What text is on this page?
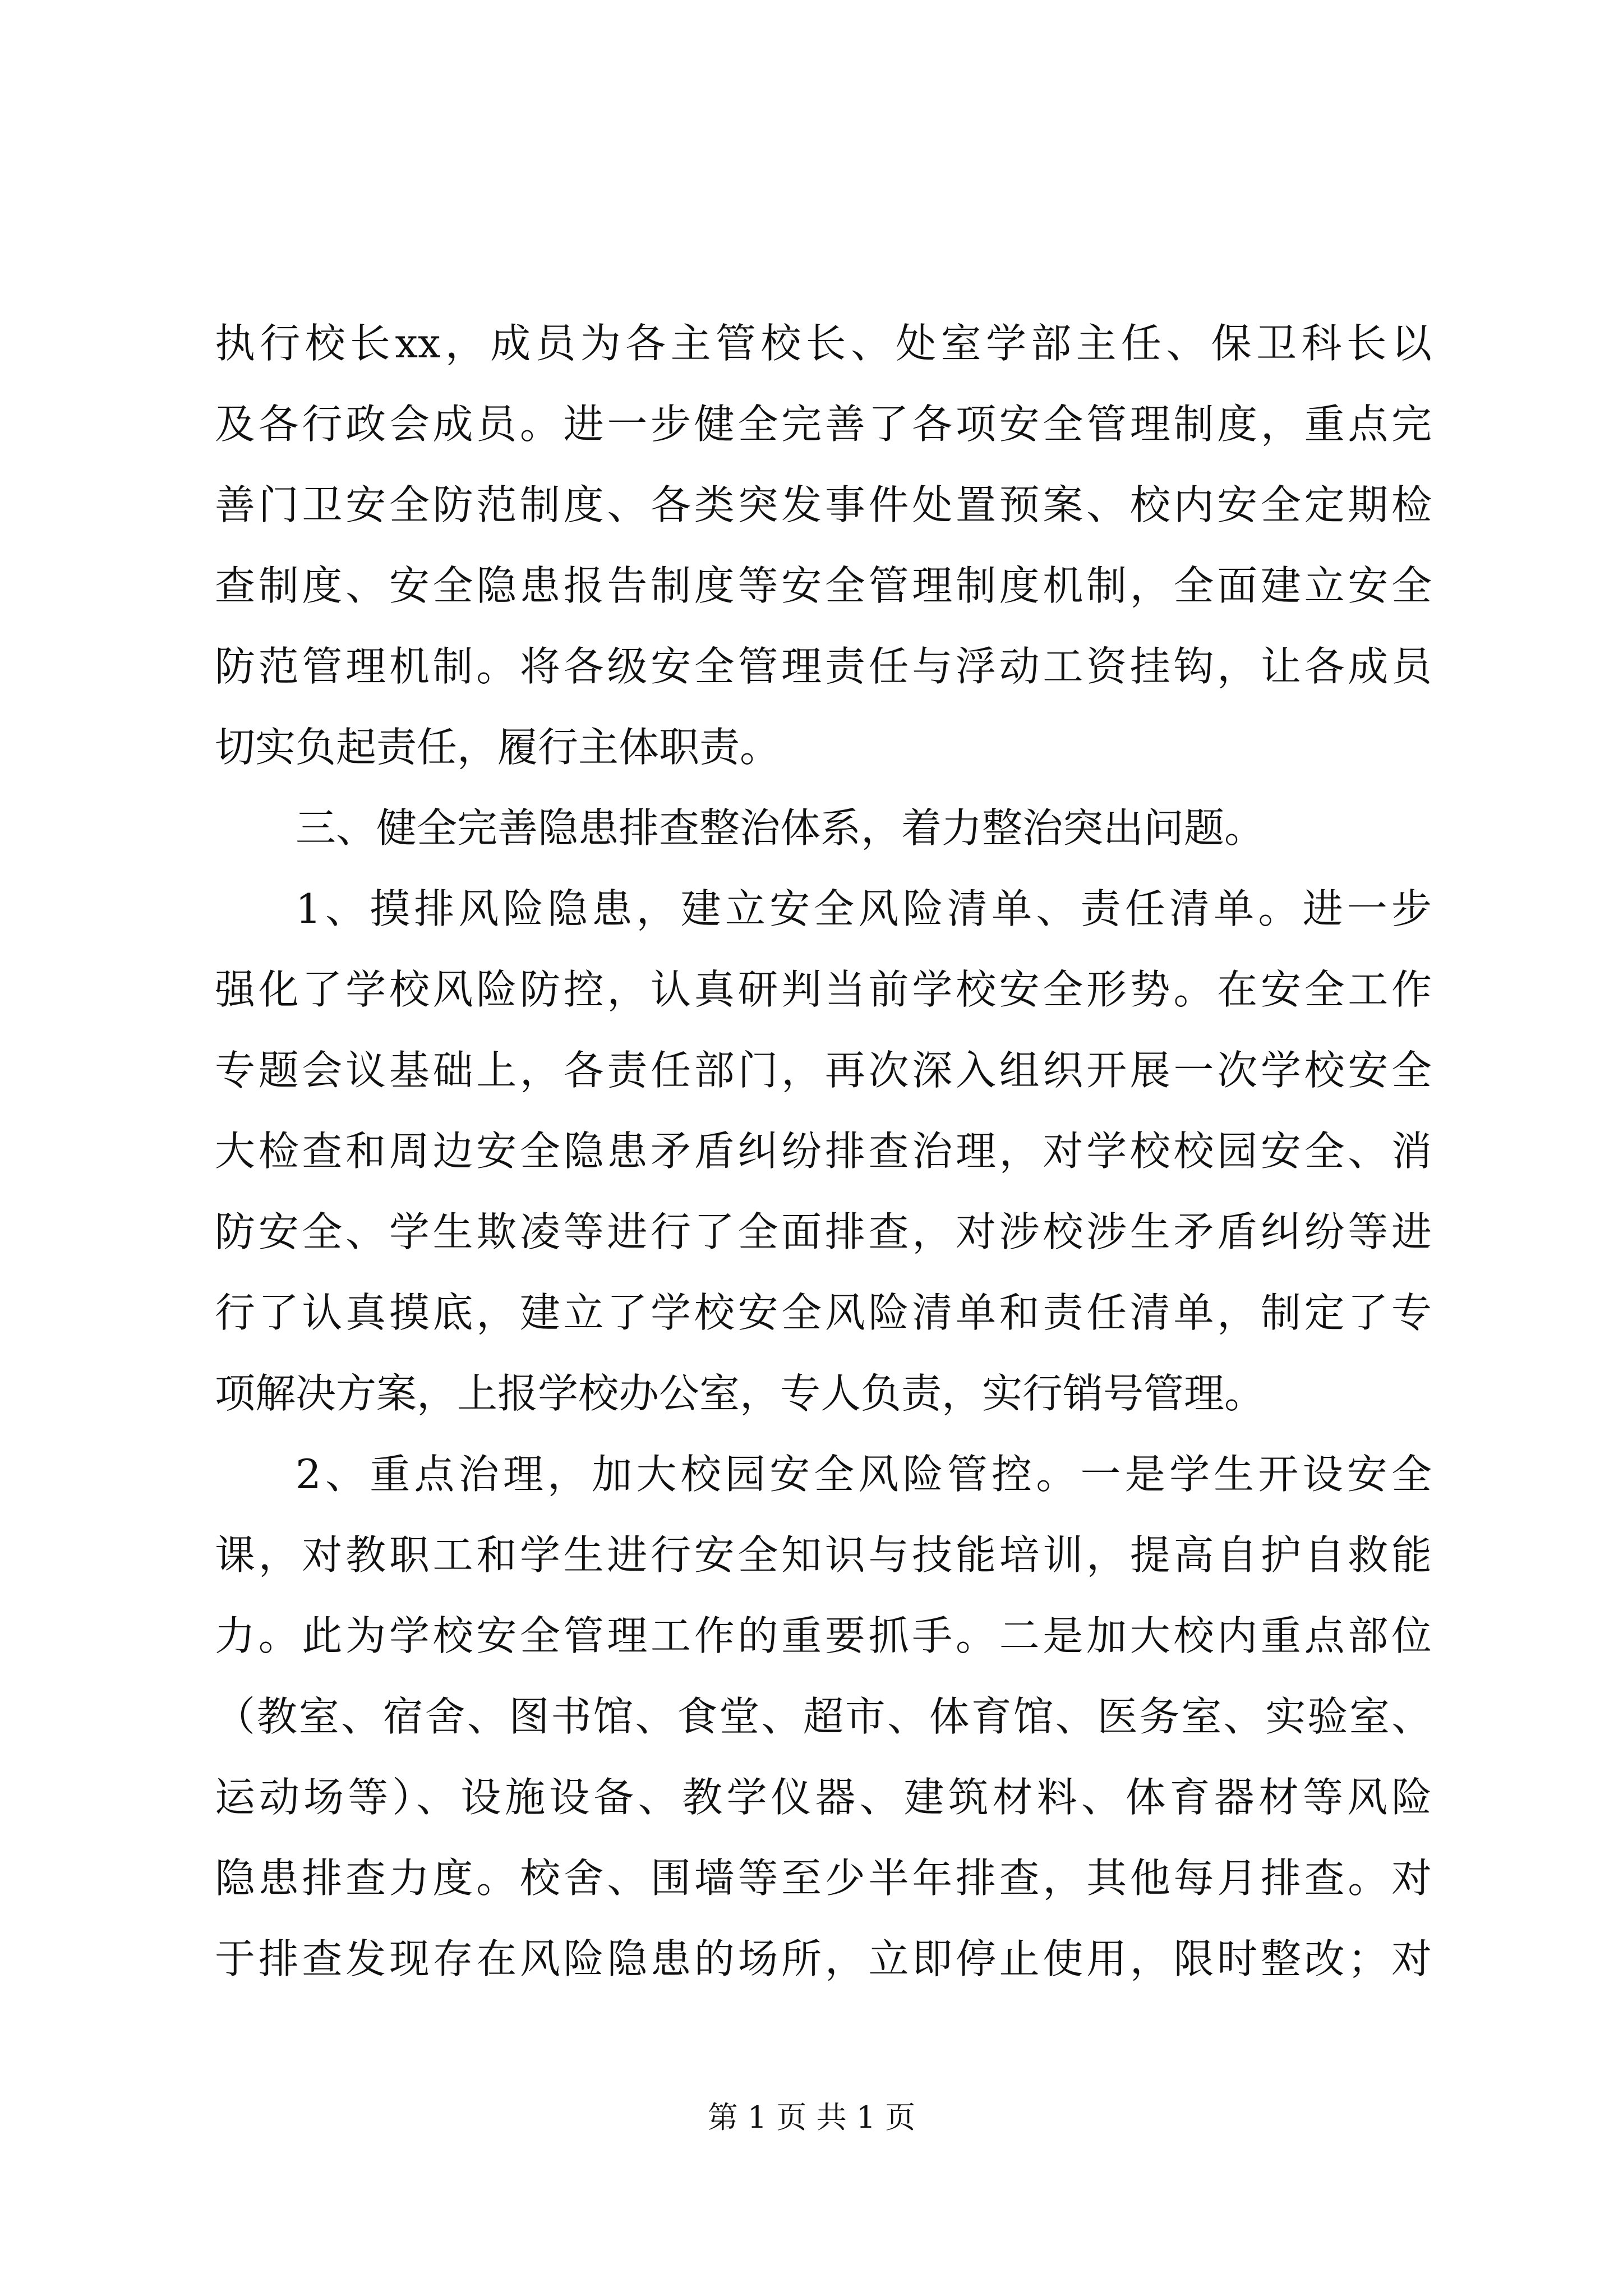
执行校长xx，成员为各主管校长、处室学部主任、保卫科长以
及各行政会成员。进一步健全完善了各项安全管理制度，重点完
善门卫安全防范制度、各类突发事件处置预案、校内安全定期检
查制度、安全隐患报告制度等安全管理制度机制，全面建立安全
防范管理机制。将各级安全管理责任与浮动工资挂钩，让各成员
切实负起责任，履行主体职责。
三、健全完善隐患排查整治体系，着力整治突出问题。
1、摸排风险隐患，建立安全风险清单、责任清单。进一步
强化了学校风险防控，认真研判当前学校安全形势。在安全工作
专题会议基础上，各责任部门，再次深入组织开展一次学校安全
大检查和周边安全隐患矛盾纠纷排查治理，对学校校园安全、消
防安全、学生欺凌等进行了全面排查，对涉校涉生矛盾纠纷等进
行了认真摸底，建立了学校安全风险清单和责任清单，制定了专
项解决方案，上报学校办公室，专人负责，实行销号管理。
2、重点治理，加大校园安全风险管控。一是学生开设安全
课，对教职工和学生进行安全知识与技能培训，提高自护自救能
力。此为学校安全管理工作的重要抓手。二是加大校内重点部位
（教室、宿舍、图书馆、食堂、超市、体育馆、医务室、实验室、
运动场等）、设施设备、教学仪器、建筑材料、体育器材等风险
隐患排查力度。校舍、围墙等至少半年排查，其他每月排查。对
于排查发现存在风险隐患的场所，立即停止使用，限时整改；对
第 1 页 共 1 页
